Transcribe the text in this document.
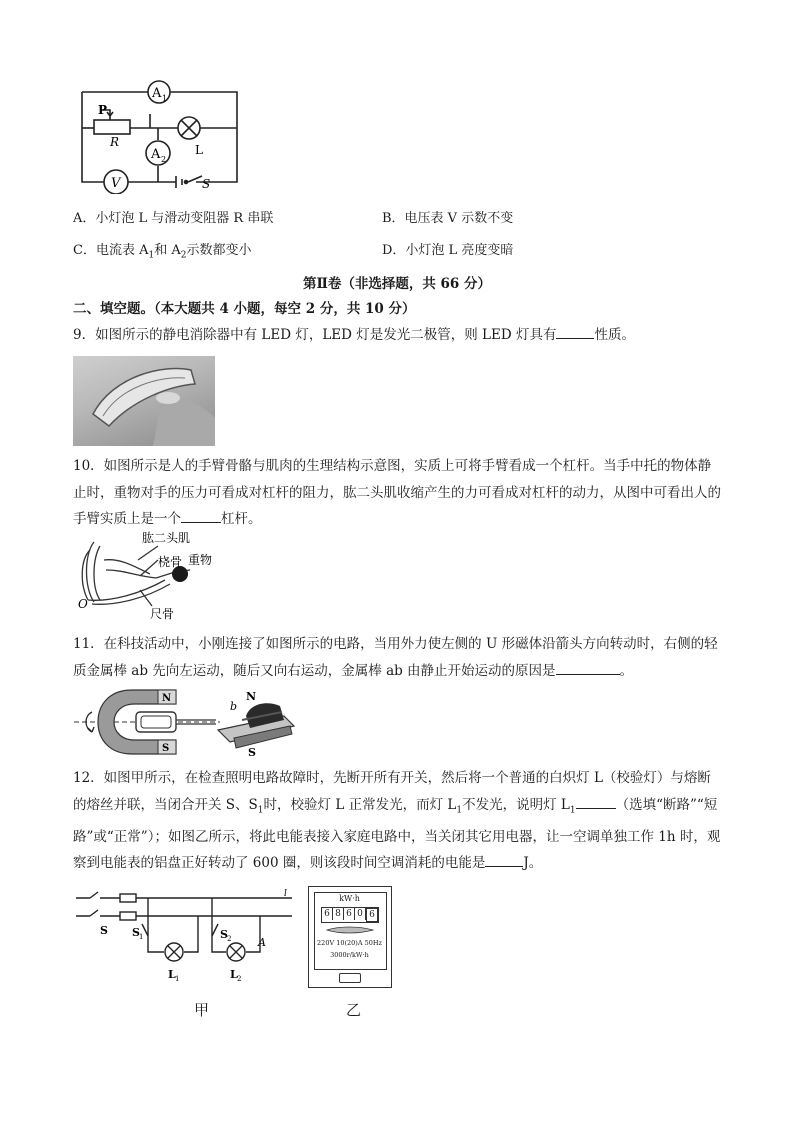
A 1
A 2
V
P
R
L
S
A．小灯泡 L 与滑动变阻器 R 串联	B．电压表 V 示数不变
C．电流表 $A_1$和 $A_2$示数都变小	D．小灯泡 L 亮度变暗
第Ⅱ卷（非选择题，共 66 分）
二、填空题。（本大题共 4 小题，每空 2 分，共 10 分）
9．如图所示的静电消除器中有 LED 灯，LED 灯是发光二极管，则 LED 灯具有	性质。
10．如图所示是人的手臂骨骼与肌肉的生理结构示意图，实质上可将手臂看成一个杠杆。当手中托的物体静止时，重物对手的压力可看成对杠杆的阻力，肱二头肌收缩产生的力可看成对杠杆的动力，从图中可看出人的手臂实质上是一个	杠杆。
肱二头肌
桡骨 重物
尺骨
O
11．在科技活动中，小刚连接了如图所示的电路，当用外力使左侧的 U 形磁体沿箭头方向转动时，右侧的轻质金属棒 ab 先向左运动，随后又向右运动，金属棒 ab 由静止开始运动的原因是	。
N
S
N
b
S
12．如图甲所示，在检查照明电路故障时，先断开所有开关，然后将一个普通的白炽灯 L（校验灯）与熔断的熔丝并联，当闭合开关 S、$S_1$时，校验灯 L 正常发光，而灯 $L_1$不发光，说明灯 $L_1$	（选填“断路”“短路”或“正常”）；如图乙所示，将此电能表接入家庭电路中，当关闭其它用电器，让一空调单独工作 1h 时，观察到电能表的铝盘正好转动了 600 圈，则该段时间空调消耗的电能是	J。
S S 1	S 2 A
L 1	L 2
l
甲
kW·h
6 8 6 0 6
220V 10(20)A 50Hz
3000r/kW·h
乙
